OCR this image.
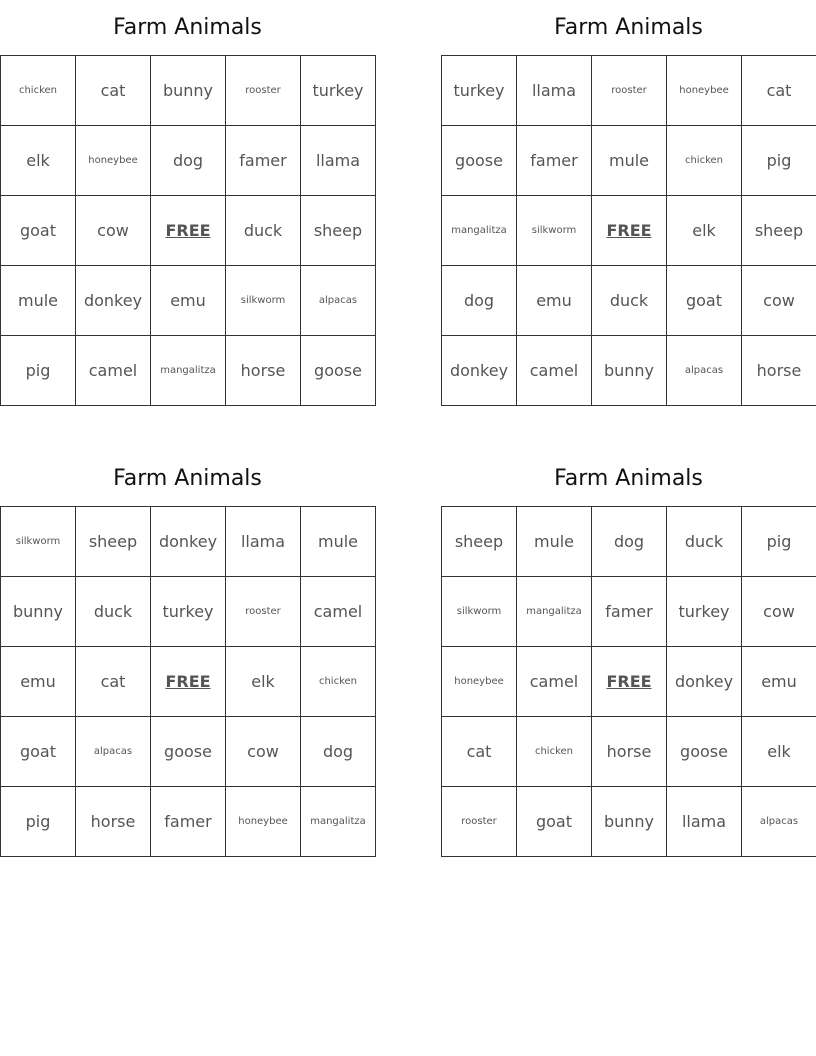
Farm Animals
chicken	cat	bunny	rooster	turkey
elk	honeybee	dog	famer	llama
goat	cow	FREE	duck	sheep
mule	donkey	emu	silkworm	alpacas
pig	camel	mangalitza	horse	goose
Farm Animals
turkey	llama	rooster	honeybee	cat
goose	famer	mule	chicken	pig
mangalitza	silkworm	FREE	elk	sheep
dog	emu	duck	goat	cow
donkey	camel	bunny	alpacas	horse
Farm Animals
silkworm	sheep	donkey	llama	mule
bunny	duck	turkey	rooster	camel
emu	cat	FREE	elk	chicken
goat	alpacas	goose	cow	dog
pig	horse	famer	honeybee	mangalitza
Farm Animals
sheep	mule	dog	duck	pig
silkworm	mangalitza	famer	turkey	cow
honeybee	camel	FREE	donkey	emu
cat	chicken	horse	goose	elk
rooster	goat	bunny	llama	alpacas
